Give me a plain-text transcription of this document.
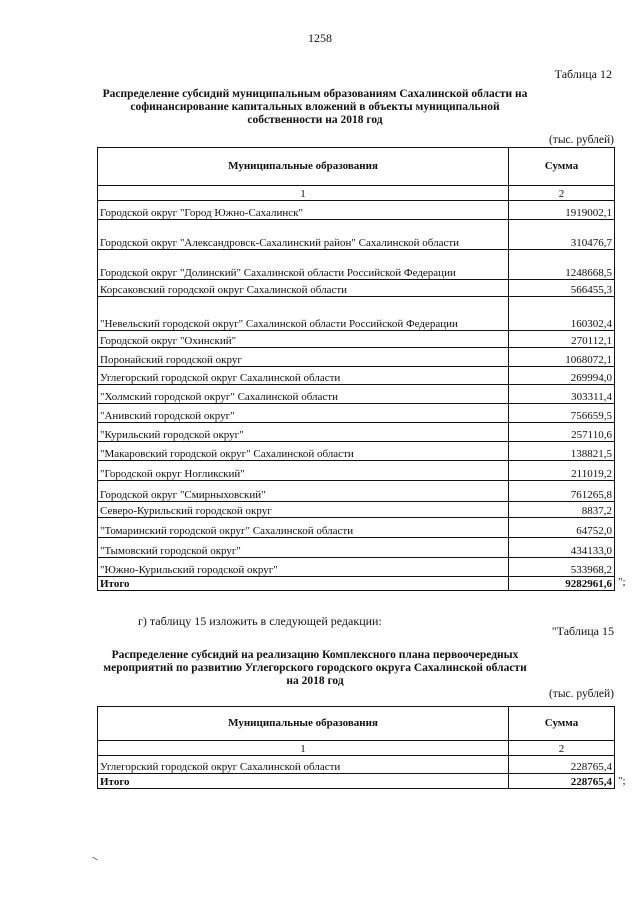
1258
Таблица 12
Распределение субсидий муниципальным образованиям Сахалинской области на софинансирование капитальных вложений в объекты муниципальной собственности на 2018 год
(тыс. рублей)
Муниципальные образования	Сумма
1	2
Городской округ "Город Южно-Сахалинск"	1919002,1
Городской округ "Александровск-Сахалинский район" Сахалинской области	310476,7
Городской округ "Долинский" Сахалинской области Российской Федерации	1248668,5
Корсаковский городской округ Сахалинской области	566455,3
"Невельский городской округ" Сахалинской области Российской Федерации	160302,4
Городской округ "Охинский"	270112,1
Поронайский городской округ	1068072,1
Углегорский городской округ Сахалинской области	269994,0
"Холмский городской округ" Сахалинской области	303311,4
"Анивский городской округ"	756659,5
"Курильский городской округ"	257110,6
"Макаровский городской округ" Сахалинской области	138821,5
"Городской округ Ногликский"	211019,2
Городской округ "Смирныховский"	761265,8
Северо-Курильский городской округ	8837,2
"Томаринский городской округ" Сахалинской области	64752,0
"Тымовский городской округ"	434133,0
"Южно-Курильский городской округ"	533968,2
Итого	9282961,6 ";
г) таблицу 15 изложить в следующей редакции:
"Таблица 15
Распределение субсидий на реализацию Комплексного плана первоочередных мероприятий по развитию Углегорского городского округа Сахалинской области на 2018 год
(тыс. рублей)
Муниципальные образования	Сумма
1	2
Углегорский городской округ Сахалинской области	228765,4
Итого	228765,4 ";
